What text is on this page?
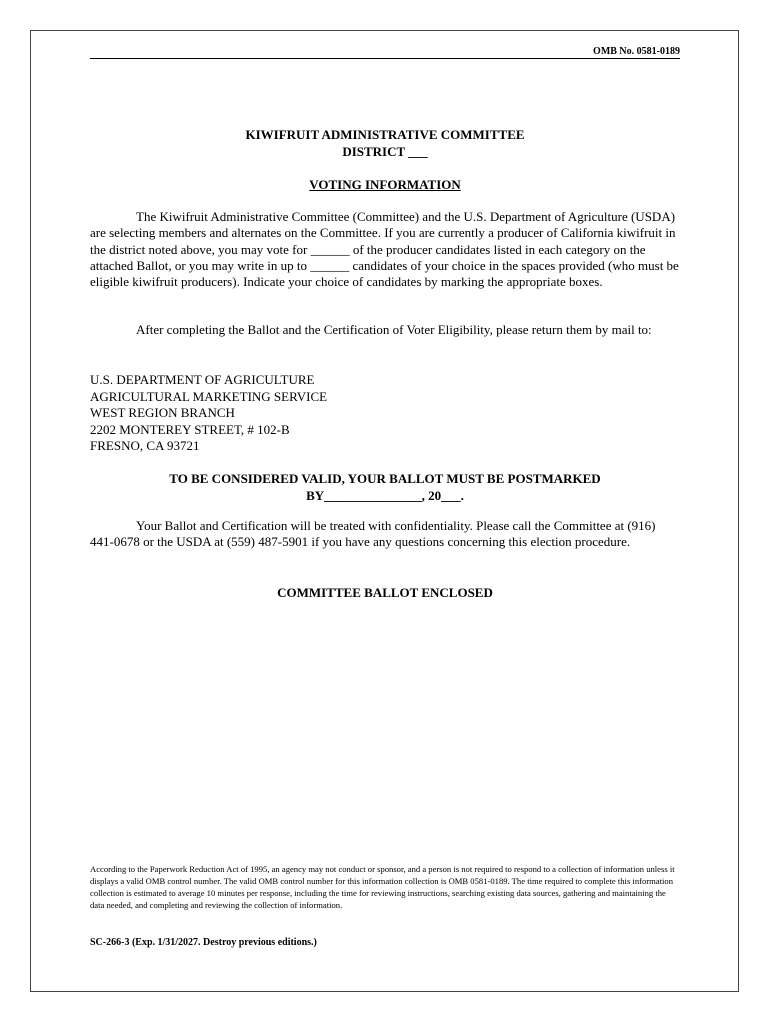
OMB No. 0581-0189
KIWIFRUIT ADMINISTRATIVE COMMITTEE
DISTRICT ___
VOTING INFORMATION

The Kiwifruit Administrative Committee (Committee) and the U.S. Department of Agriculture (USDA) are selecting members and alternates on the Committee. If you are currently a producer of California kiwifruit in the district noted above, you may vote for ______ of the producer candidates listed in each category on the attached Ballot, or you may write in up to ______ candidates of your choice in the spaces provided (who must be eligible kiwifruit producers). Indicate your choice of candidates by marking the appropriate boxes.

After completing the Ballot and the Certification of Voter Eligibility, please return them by mail to:

U.S. DEPARTMENT OF AGRICULTURE
AGRICULTURAL MARKETING SERVICE
WEST REGION BRANCH
2202 MONTEREY STREET, # 102-B
FRESNO, CA 93721
TO BE CONSIDERED VALID, YOUR BALLOT MUST BE POSTMARKED
BY_______________, 20___.

Your Ballot and Certification will be treated with confidentiality. Please call the Committee at (916) 441-0678 or the USDA at (559) 487-5901 if you have any questions concerning this election procedure.

COMMITTEE BALLOT ENCLOSED

According to the Paperwork Reduction Act of 1995, an agency may not conduct or sponsor, and a person is not required to respond to a collection of information unless it displays a valid OMB control number. The valid OMB control number for this information collection is OMB 0581-0189. The time required to complete this information collection is estimated to average 10 minutes per response, including the time for reviewing instructions, searching existing data sources, gathering and maintaining the data needed, and completing and reviewing the collection of information.

SC-266-3 (Exp. 1/31/2027. Destroy previous editions.)
